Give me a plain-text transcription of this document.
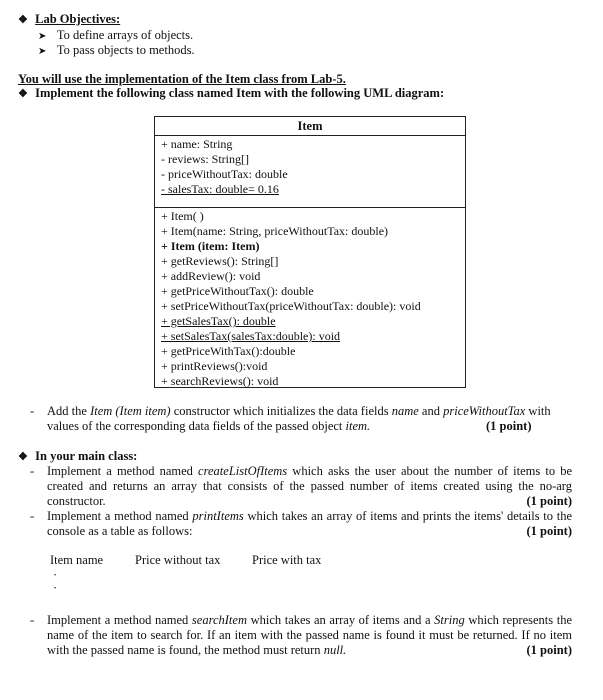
❖ Lab Objectives:
➤ To define arrays of objects.
➤ To pass objects to methods.
You will use the implementation of the Item class from Lab-5.
❖ Implement the following class named Item with the following UML diagram:
Item
+ name: String
- reviews: String[]
- priceWithoutTax: double
- salesTax: double= 0.16
+ Item( )
+ Item(name: String, priceWithoutTax: double)
+ Item (item: Item)
+ getReviews(): String[]
+ addReview(): void
+ getPriceWithoutTax(): double
+ setPriceWithoutTax(priceWithoutTax: double): void
+ getSalesTax(): double
+ setSalesTax(salesTax:double): void
+ getPriceWithTax():double
+ printReviews():void
+ searchReviews(): void
- Add the Item (Item item) constructor which initializes the data fields name and priceWithoutTax with
values of the corresponding data fields of the passed object item.	(1 point)
❖ In your main class:
- Implement a method named createListOfItems which asks the user about the number of items to be created and returns an array that consists of the passed number of items created using the no-arg constructor.	(1 point)
- Implement a method named printItems which takes an array of items and prints the items' details to the console as a table as follows:	(1 point)
Item name	Price without tax	Price with tax
·
·
- Implement a method named searchItem which takes an array of items and a String which represents the name of the item to search for. If an item with the passed name is found it must be returned. If no item with the passed name is found, the method must return null.	(1 point)
